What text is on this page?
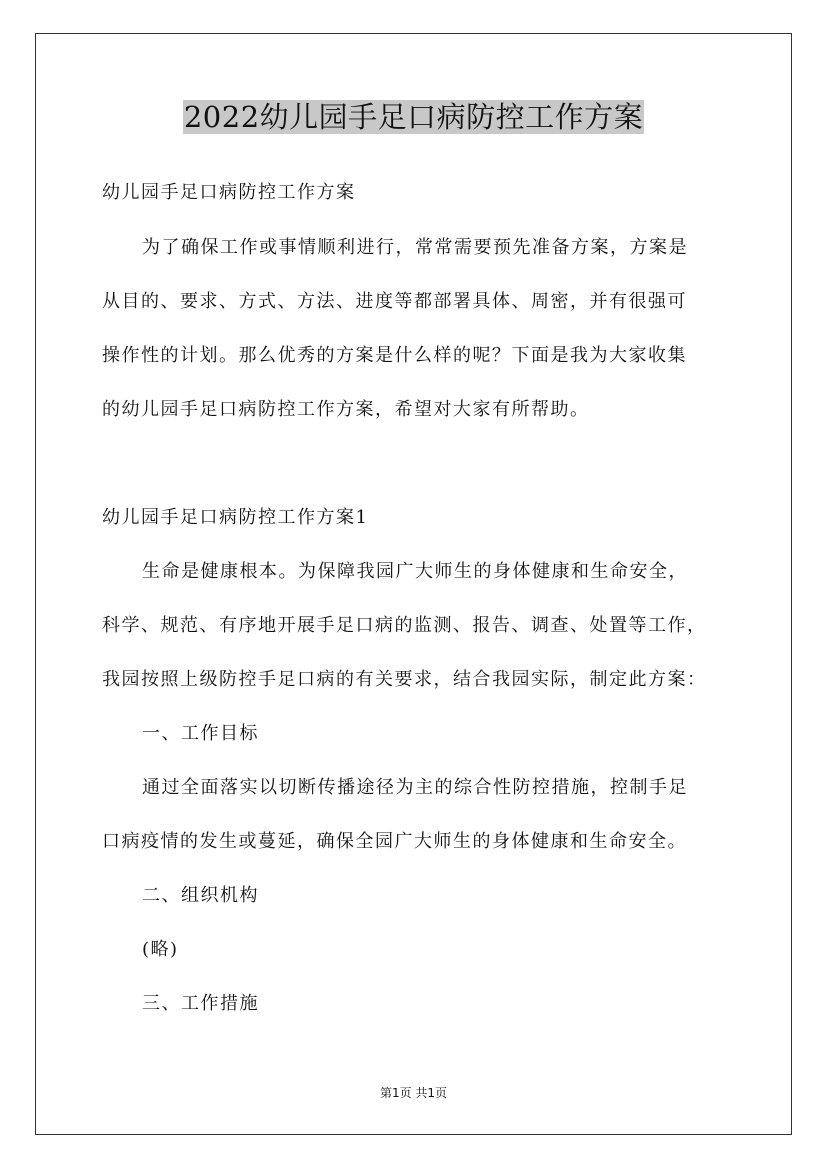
2022幼儿园手足口病防控工作方案
幼儿园手足口病防控工作方案
为了确保工作或事情顺利进行，常常需要预先准备方案，方案是
从目的、要求、方式、方法、进度等都部署具体、周密，并有很强可
操作性的计划。那么优秀的方案是什么样的呢？下面是我为大家收集
的幼儿园手足口病防控工作方案，希望对大家有所帮助。
幼儿园手足口病防控工作方案1
生命是健康根本。为保障我园广大师生的身体健康和生命安全，
科学、规范、有序地开展手足口病的监测、报告、调查、处置等工作，
我园按照上级防控手足口病的有关要求，结合我园实际，制定此方案：
一、工作目标
通过全面落实以切断传播途径为主的综合性防控措施，控制手足
口病疫情的发生或蔓延，确保全园广大师生的身体健康和生命安全。
二、组织机构
(略)
三、工作措施
第1页 共1页
